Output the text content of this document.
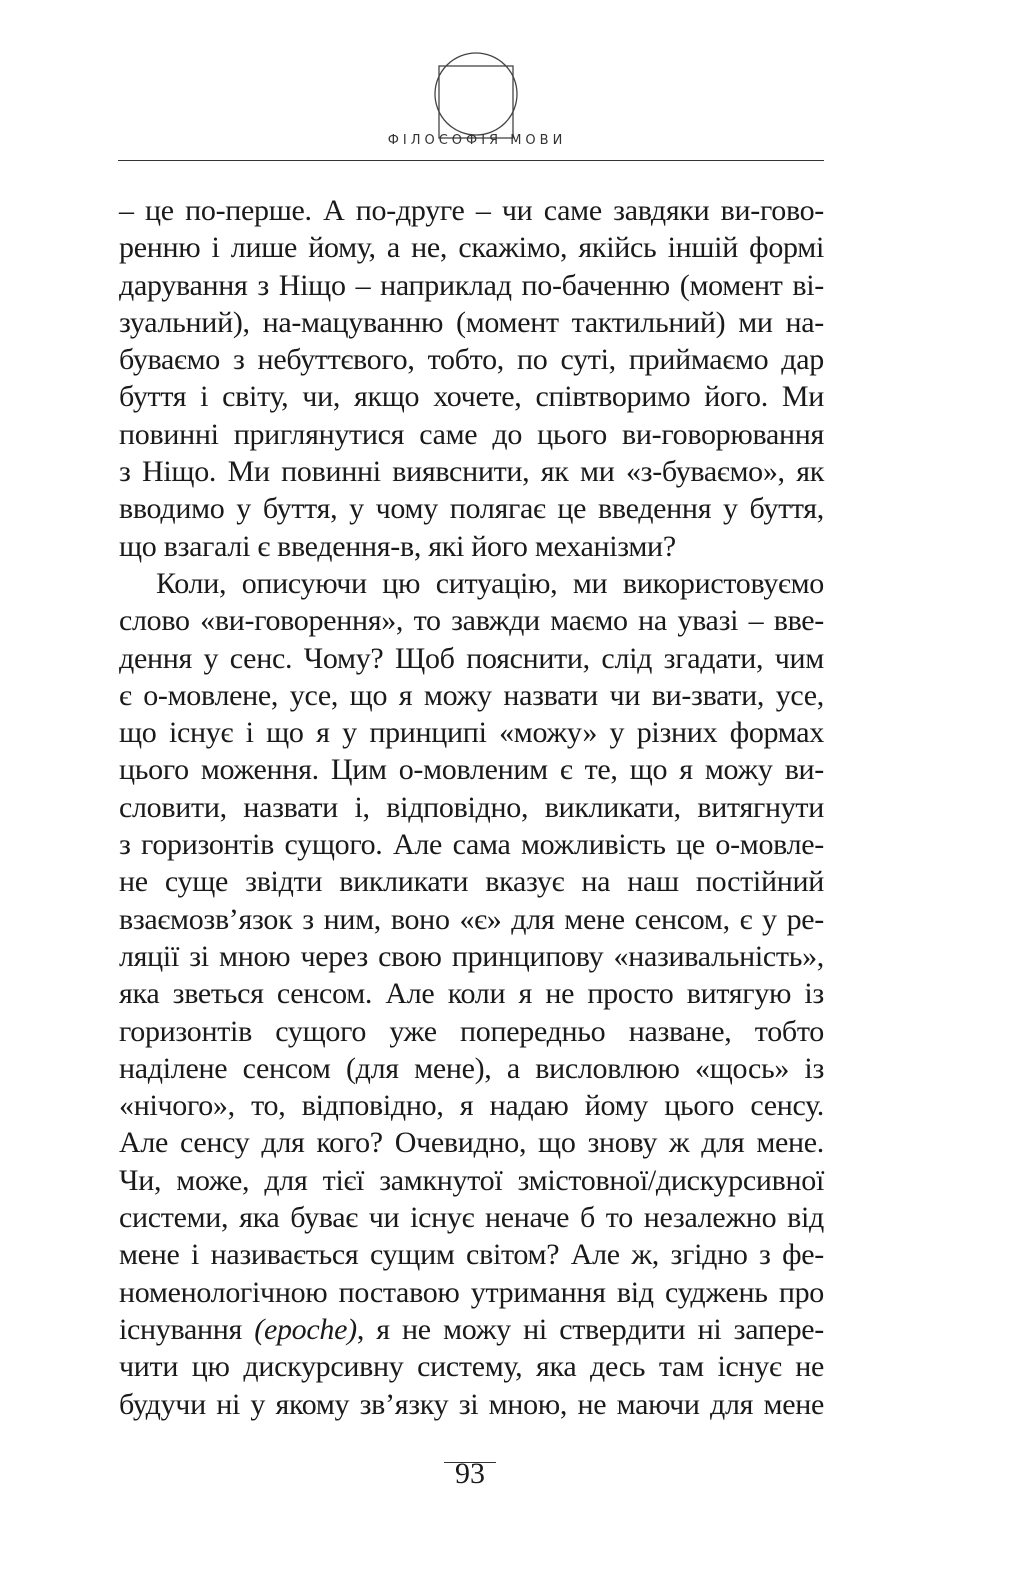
ФІЛОСОФІЯ МОВИ
– це по-перше. А по-друге – чи саме завдяки ви-гово-
ренню і лише йому, а не, скажімо, якійсь іншій формі
дарування з Ніщо – наприклад по-баченню (момент ві-
зуальний), на-мацуванню (момент тактильний) ми на-
буваємо з небуттєвого, тобто, по суті, приймаємо дар
буття і світу, чи, якщо хочете, співтворимо його. Ми
повинні приглянутися саме до цього ви-говорювання
з Ніщо. Ми повинні виявснити, як ми «з-буваємо», як
вводимо у буття, у чому полягає це введення у буття,
що взагалі є введення-в, які його механізми?
Коли, описуючи цю ситуацію, ми використовуємо
слово «ви-говорення», то завжди маємо на увазі – вве-
дення у сенс. Чому? Щоб пояснити, слід згадати, чим
є о-мовлене, усе, що я можу назвати чи ви-звати, усе,
що існує і що я у принципі «можу» у різних формах
цього моження. Цим о-мовленим є те, що я можу ви-
словити, назвати і, відповідно, викликати, витягнути
з горизонтів сущого. Але сама можливість це о-мовле-
не суще звідти викликати вказує на наш постійний
взаємозв’язок з ним, воно «є» для мене сенсом, є у ре-
ляції зі мною через свою принципову «називальність»,
яка зветься сенсом. Але коли я не просто витягую із
горизонтів сущого уже попередньо назване, тобто
наділене сенсом (для мене), а висловлюю «щось» із
«нічого», то, відповідно, я надаю йому цього сенсу.
Але сенсу для кого? Очевидно, що знову ж для мене.
Чи, може, для тієї замкнутої змістовної/дискурсивної
системи, яка буває чи існує неначе б то незалежно від
мене і називається сущим світом? Але ж, згідно з фе-
номенологічною поставою утримання від суджень про
існування (epoche), я не можу ні ствердити ні запере-
чити цю дискурсивну систему, яка десь там існує не
будучи ні у якому зв’язку зі мною, не маючи для мене
93
